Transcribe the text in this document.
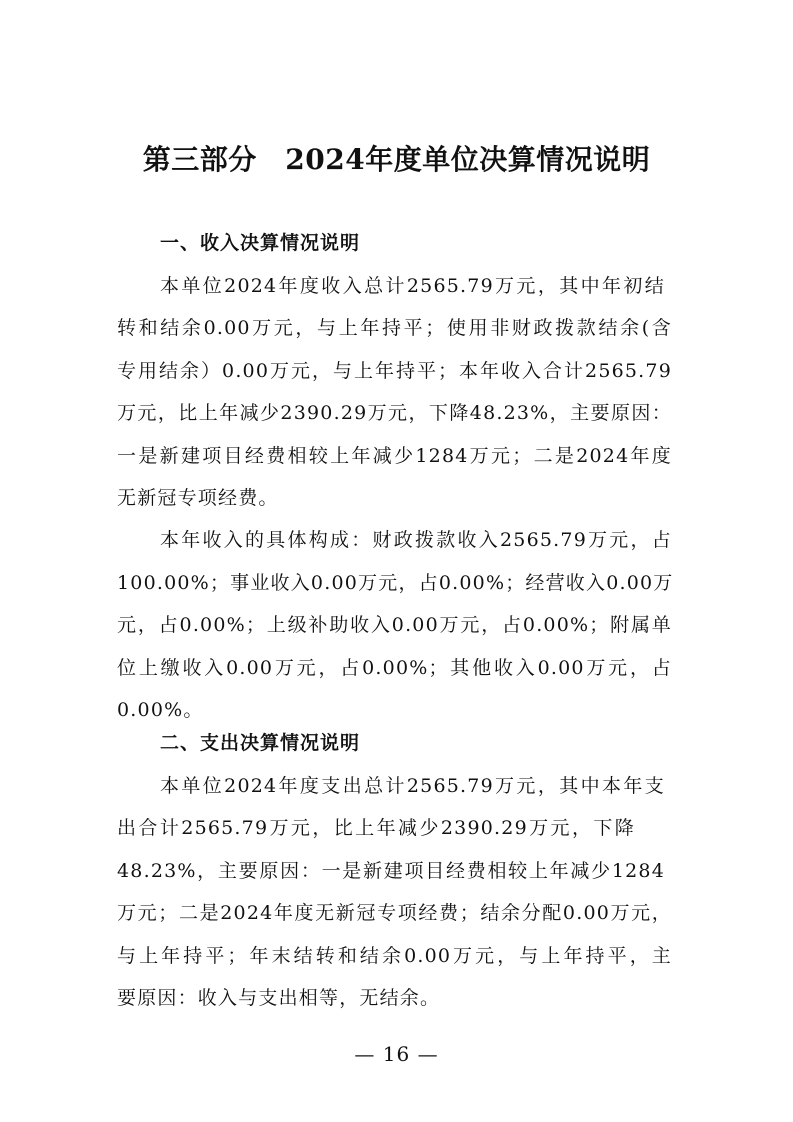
第三部分　2024年度单位决算情况说明
一、收入决算情况说明
本单位2024年度收入总计2565.79万元，其中年初结
转和结余0.00万元，与上年持平；使用非财政拨款结余(含
专用结余）0.00万元，与上年持平；本年收入合计2565.79
万元，比上年减少2390.29万元，下降48.23%，主要原因：
一是新建项目经费相较上年减少1284万元；二是2024年度
无新冠专项经费。
本年收入的具体构成：财政拨款收入2565.79万元，占
100.00%；事业收入0.00万元，占0.00%；经营收入0.00万
元，占0.00%；上级补助收入0.00万元，占0.00%；附属单
位上缴收入0.00万元，占0.00%；其他收入0.00万元，占
0.00%。
二、支出决算情况说明
本单位2024年度支出总计2565.79万元，其中本年支
出合计2565.79万元，比上年减少2390.29万元，下降
48.23%，主要原因：一是新建项目经费相较上年减少1284
万元；二是2024年度无新冠专项经费；结余分配0.00万元，
与上年持平；年末结转和结余0.00万元，与上年持平，主
要原因：收入与支出相等，无结余。
— 16 —
